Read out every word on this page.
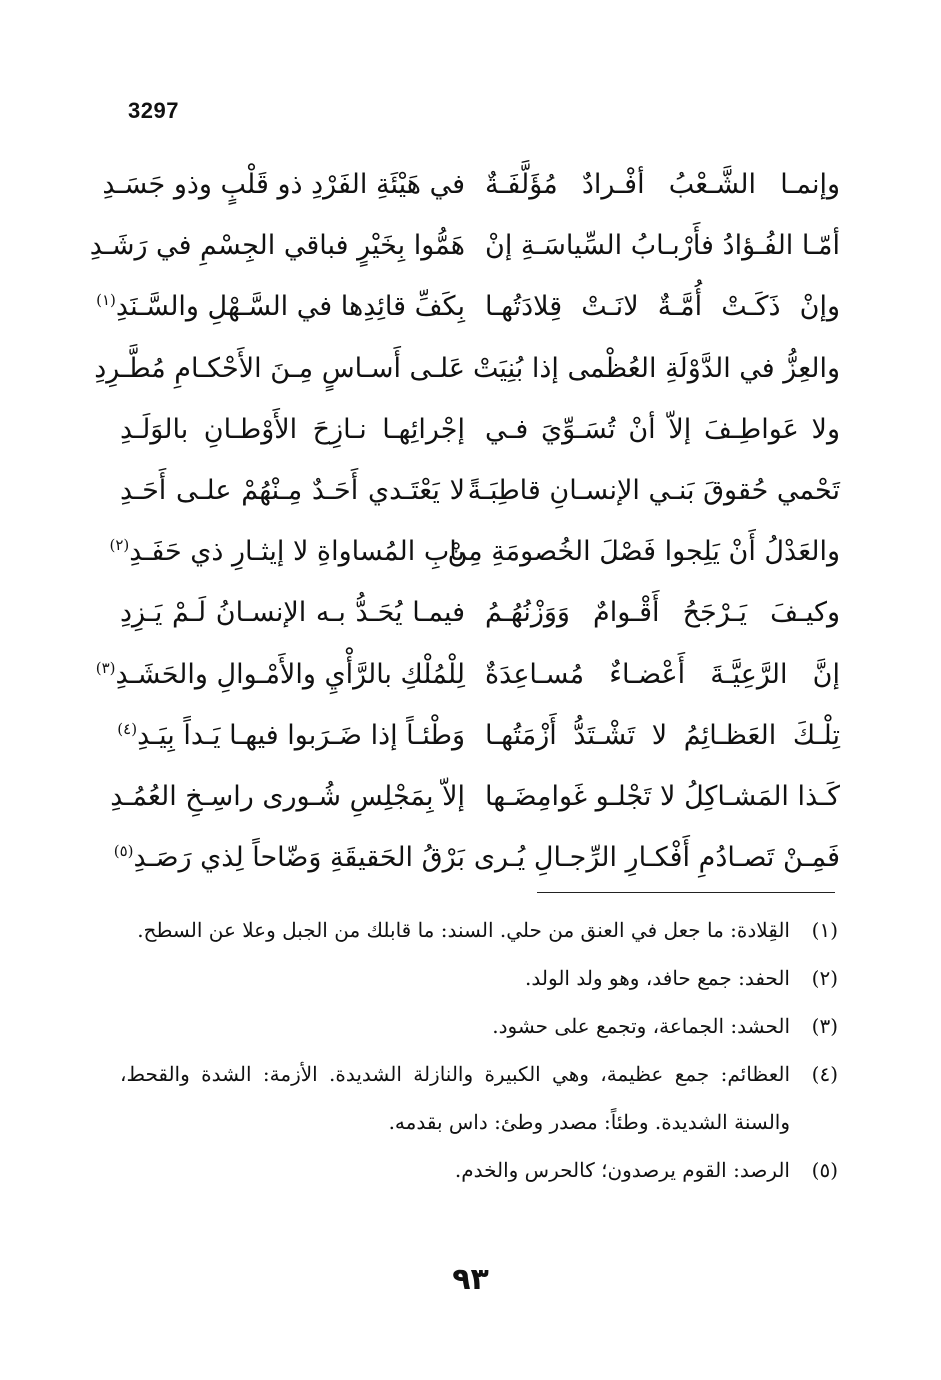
3297
وإنمـا الشَّـعْبُ أفْـرادٌ مُؤَلَّفَـةٌ
في هَيْئَةِ الفَرْدِ ذو قَلْبٍ وذو جَسَـدِ
أمّـا الفُـؤادُ فأَرْبـابُ السِّياسَـةِ إنْ
هَمُّوا بِخَيْرٍ فباقي الجِسْمِ في رَشَـدِ
وإنْ ذَكَـتْ أُمَّـةٌ لانَـتْ قِلادَتُهـا
بِكَفِّ قائِدِها في السَّـهْلِ والسَّـنَدِ$^{(١)}$
والعِزُّ في الدَّوْلَةِ العُظْمى إذا بُنِيَتْ
عَلـى أَسـاسٍ مِـنَ الأَحْكـامِ مُطَّـرِدِ
ولا عَواطِـفَ إلاّ أنْ تُسَـوِّيَ فـي
إجْرائِهـا نـازِحَ الأَوْطـانِ بالوَلَـدِ
تَحْمي حُقوقَ بَنـي الإنسـانِ قاطِبَـةً
لا يَعْتَـدي أَحَـدٌ مِـنْهُمْ علـى أَحَـدِ
والعَدْلُ أَنْ يَلِجوا فَصْلَ الخُصومَةِ مِنْ
بابِ المُساواةِ لا إيثـارِ ذي حَفَـدِ$^{(٢)}$
وكيـفَ يَـرْجَحُ أَقْـوامٌ وَوَزْنُهُـمُ
فيمـا يُحَـدُّ بـه الإنسـانُ لَـمْ يَـزِدِ
إنَّ الرَّعِيَّـةَ أَعْضـاءٌ مُسـاعِدَةٌ
لِلْمُلْكِ بالرَّأْيِ والأَمْـوالِ والحَشَـدِ$^{(٣)}$
تِلْـكَ العَظـائِمُ لا تَشْـتَدُّ أَزْمَتُهـا
وَطْئـاً إذا ضَـرَبوا فيهـا يَـداً بِيَـدِ$^{(٤)}$
كَـذا المَشـاكِلُ لا تَجْلـو غَوامِضَـها
إلاّ بِمَجْلِسِ شُـورى راسِـخِ العُمُـدِ
فَمِـنْ تَصـادُمِ أَفْكـارِ الرِّجـالِ يُـرى
بَرْقُ الحَقيقَةِ وَضّاحاً لِذي رَصَـدِ$^{(٥)}$
(١)
القِلادة: ما جعل في العنق من حلي. السند: ما قابلك من الجبل وعلا عن السطح.
(٢)
الحفد: جمع حافد، وهو ولد الولد.
(٣)
الحشد: الجماعة، وتجمع على حشود.
(٤)
العظائم: جمع عظيمة، وهي الكبيرة والنازلة الشديدة. الأزمة: الشدة والقحط، والسنة الشديدة. وطئاً: مصدر وطئ: داس بقدمه.
(٥)
الرصد: القوم يرصدون؛ كالحرس والخدم.
٩٣
